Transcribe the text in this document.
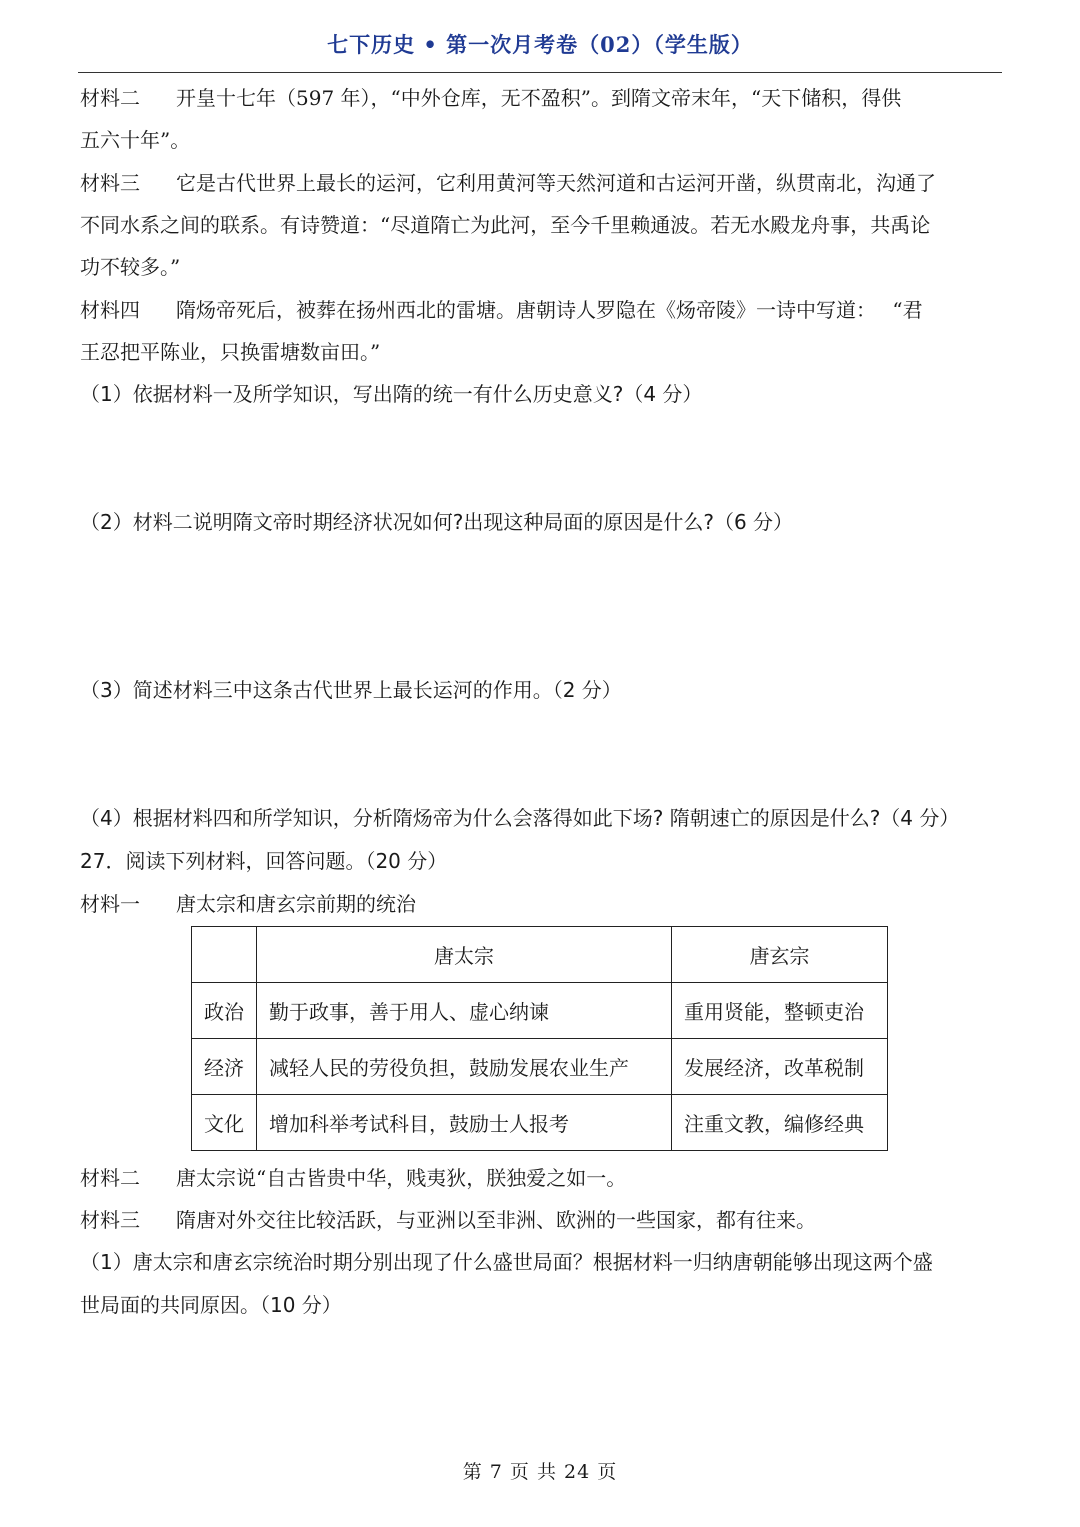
七下历史 • 第一次月考卷（02）（学生版）
材料二 开皇十七年（597 年），“中外仓库，无不盈积”。到隋文帝末年，“天下储积，得供
五六十年”。
材料三 它是古代世界上最长的运河，它利用黄河等天然河道和古运河开凿，纵贯南北，沟通了
不同水系之间的联系。有诗赞道：“尽道隋亡为此河，至今千里赖通波。若无水殿龙舟事，共禹论
功不较多。”
材料四 隋炀帝死后，被葬在扬州西北的雷塘。唐朝诗人罗隐在《炀帝陵》一诗中写道：　 “君
王忍把平陈业，只换雷塘数亩田。”
（1）依据材料一及所学知识，写出隋的统一有什么历史意义?（4 分）
（2）材料二说明隋文帝时期经济状况如何?出现这种局面的原因是什么?（6 分）
（3）简述材料三中这条古代世界上最长运河的作用。（2 分）
（4）根据材料四和所学知识，分析隋炀帝为什么会落得如此下场? 隋朝速亡的原因是什么?（4 分）
27．阅读下列材料，回答问题。（20 分）
材料一 唐太宗和唐玄宗前期的统治
	唐太宗	唐玄宗
政治	勤于政事，善于用人、虚心纳谏	重用贤能，整顿吏治
经济	减轻人民的劳役负担，鼓励发展农业生产	发展经济，改革税制
文化	增加科举考试科目，鼓励士人报考	注重文教，编修经典
材料二 唐太宗说“自古皆贵中华，贱夷狄，朕独爱之如一。
材料三 隋唐对外交往比较活跃，与亚洲以至非洲、欧洲的一些国家，都有往来。
（1）唐太宗和唐玄宗统治时期分别出现了什么盛世局面？根据材料一归纳唐朝能够出现这两个盛
世局面的共同原因。（10 分）
第 7 页 共 24 页
